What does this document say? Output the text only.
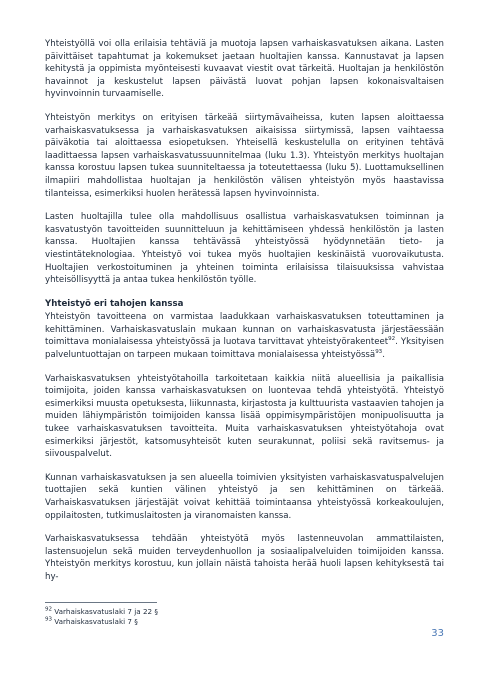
Yhteistyöllä voi olla erilaisia tehtäviä ja muotoja lapsen varhaiskasvatuksen aikana. Lasten päivittäiset tapahtumat ja kokemukset jaetaan huoltajien kanssa. Kannustavat ja lapsen kehitystä ja oppimista myönteisesti kuvaavat viestit ovat tärkeitä. Huoltajan ja henkilöstön havainnot ja keskustelut lapsen päivästä luovat pohjan lapsen kokonaisvaltaisen hyvinvoinnin turvaamiselle.

Yhteistyön merkitys on erityisen tärkeää siirtymävaiheissa, kuten lapsen aloittaessa varhaiskasvatuksessa ja varhaiskasvatuksen aikaisissa siirtymissä, lapsen vaihtaessa päiväkotia tai aloittaessa esiopetuksen. Yhteisellä keskustelulla on erityinen tehtävä laadittaessa lapsen varhaiskasvatussuunnitelmaa (luku 1.3). Yhteistyön merkitys huoltajan kanssa korostuu lapsen tukea suunniteltaessa ja toteutettaessa (luku 5). Luottamuksellinen ilmapiiri mahdollistaa huoltajan ja henkilöstön välisen yhteistyön myös haastavissa tilanteissa, esimerkiksi huolen herätessä lapsen hyvinvoinnista.

Lasten huoltajilla tulee olla mahdollisuus osallistua varhaiskasvatuksen toiminnan ja kasvatustyön tavoitteiden suunnitteluun ja kehittämiseen yhdessä henkilöstön ja lasten kanssa. Huoltajien kanssa tehtävässä yhteistyössä hyödynnetään tieto- ja viestintäteknologiaa. Yhteistyö voi tukea myös huoltajien keskinäistä vuorovaikutusta. Huoltajien verkostoituminen ja yhteinen toiminta erilaisissa tilaisuuksissa vahvistaa yhteisöllisyyttä ja antaa tukea henkilöstön työlle.

Yhteistyö eri tahojen kanssa

Yhteistyön tavoitteena on varmistaa laadukkaan varhaiskasvatuksen toteuttaminen ja kehittäminen. Varhaiskasvatuslain mukaan kunnan on varhaiskasvatusta järjestäessään toimittava monialaisessa yhteistyössä ja luotava tarvittavat yhteistyörakenteet$^{92}$. Yksityisen palveluntuottajan on tarpeen mukaan toimittava monialaisessa yhteistyössä$^{93}$.

Varhaiskasvatuksen yhteistyötahoilla tarkoitetaan kaikkia niitä alueellisia ja paikallisia toimijoita, joiden kanssa varhaiskasvatuksen on luontevaa tehdä yhteistyötä. Yhteistyö esimerkiksi muusta opetuksesta, liikunnasta, kirjastosta ja kulttuurista vastaavien tahojen ja muiden lähiympäristön toimijoiden kanssa lisää oppimisympäristöjen monipuolisuutta ja tukee varhaiskasvatuksen tavoitteita. Muita varhaiskasvatuksen yhteistyötahoja ovat esimerkiksi järjestöt, katsomusyhteisöt kuten seurakunnat, poliisi sekä ravitsemus- ja siivouspalvelut.

Kunnan varhaiskasvatuksen ja sen alueella toimivien yksityisten varhaiskasvatuspalvelujen tuottajien sekä kuntien välinen yhteistyö ja sen kehittäminen on tärkeää. Varhaiskasvatuksen järjestäjät voivat kehittää toimintaansa yhteistyössä korkeakoulujen, oppilaitosten, tutkimuslaitosten ja viranomaisten kanssa.

Varhaiskasvatuksessa tehdään yhteistyötä myös lastenneuvolan ammattilaisten, lastensuojelun sekä muiden terveydenhuollon ja sosiaalipalveluiden toimijoiden kanssa. Yhteistyön merkitys korostuu, kun jollain näistä tahoista herää huoli lapsen kehityksestä tai hy-

$^{92}$ Varhaiskasvatuslaki 7 ja 22 §

$^{93}$ Varhaiskasvatuslaki 7 §

33
